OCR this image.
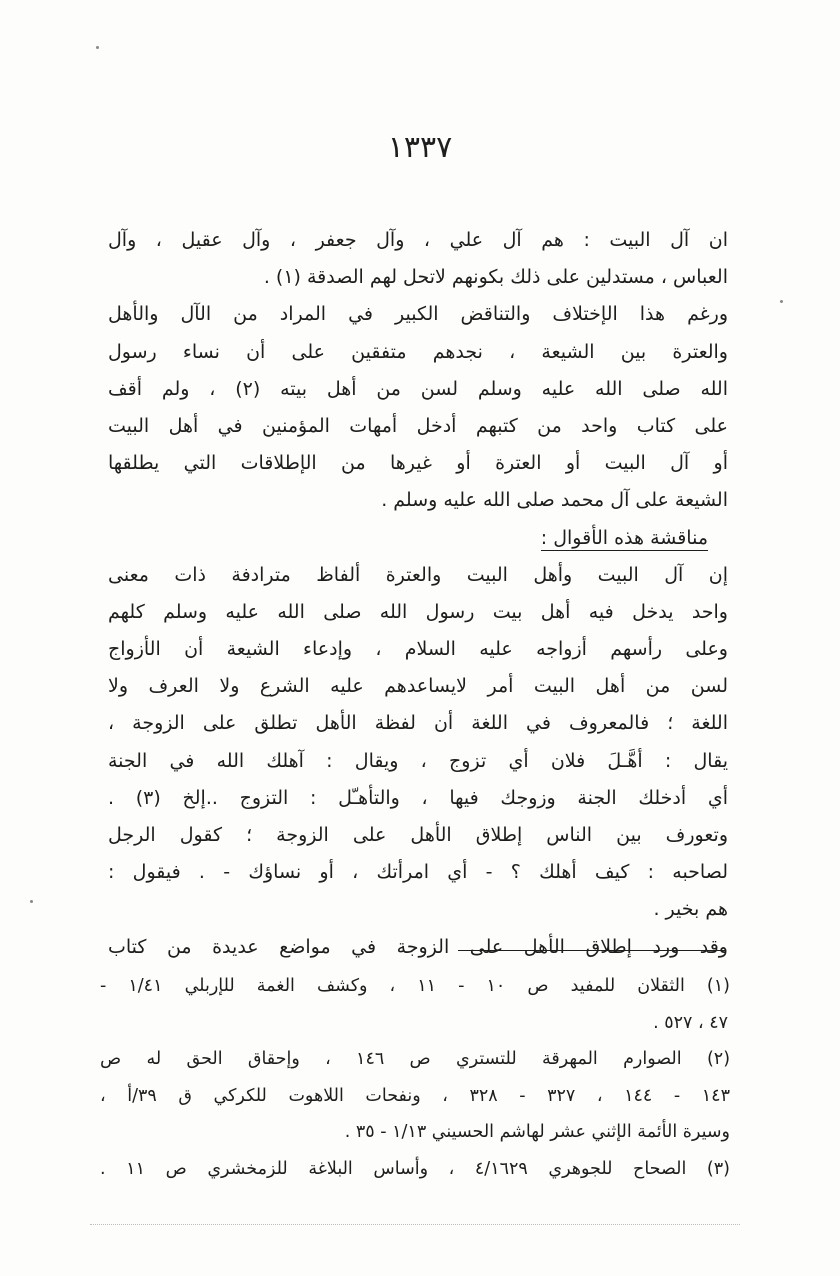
١٣٣٧
ان آل البيت : هم آل علي ، وآل جعفر ، وآل عقيل ، وآل
العباس ، مستدلين على ذلك بكونهم لاتحل لهم الصدقة (١) .
ورغم هذا الإختلاف والتناقض الكبير في المراد من الآل والأهل
والعترة بين الشيعة ، نجدهم متفقين على أن نساء رسول
الله صلى الله عليه وسلم لسن من أهل بيته (٢) ، ولم أقف
على كتاب واحد من كتبهم أدخل أمهات المؤمنين في أهل البيت
أو آل البيت أو العترة أو غيرها من الإطلاقات التي يطلقها
الشيعة على آل محمد صلى الله عليه وسلم .
مناقشة هذه الأقوال :
إن آل البيت وأهل البيت والعترة ألفاظ مترادفة ذات معنى
واحد يدخل فيه أهل بيت رسول الله صلى الله عليه وسلم كلهم
وعلى رأسهم أزواجه عليه السلام ، وإدعاء الشيعة أن الأزواج
لسن من أهل البيت أمر لايساعدهم عليه الشرع ولا العرف ولا
اللغة ؛ فالمعروف في اللغة أن لفظة الأهل تطلق على الزوجة ،
يقال : أهَّـلَ فلان أي تزوج ، ويقال : آهلك الله في الجنة
أي أدخلك الجنة وزوجك فيها ، والتأهـّل : التزوج ..إلخ (٣) .
وتعورف بين الناس إطلاق الأهل على الزوجة ؛ كقول الرجل
لصاحبه : كيف أهلك ؟ - أي امرأتك ، أو نساؤك - . فيقول :
هم بخير .
وقد ورد إطلاق الأهل على الزوجة في مواضع عديدة من كتاب
(١) الثقلان للمفيد ص ١٠ - ١١ ، وكشف الغمة للإربلي ١/٤١ -
٤٧ ، ٥٢٧ .
(٢) الصوارم المهرقة للتستري ص ١٤٦ ، وإحقاق الحق له ص
١٤٣ - ١٤٤ ، ٣٢٧ - ٣٢٨ ، ونفحات اللاهوت للكركي ق ٣٩/أ ،
وسيرة الأئمة الإثني عشر لهاشم الحسيني ١/١٣ - ٣٥ .
(٣) الصحاح للجوهري ٤/١٦٢٩ ، وأساس البلاغة للزمخشري ص ١١ .
